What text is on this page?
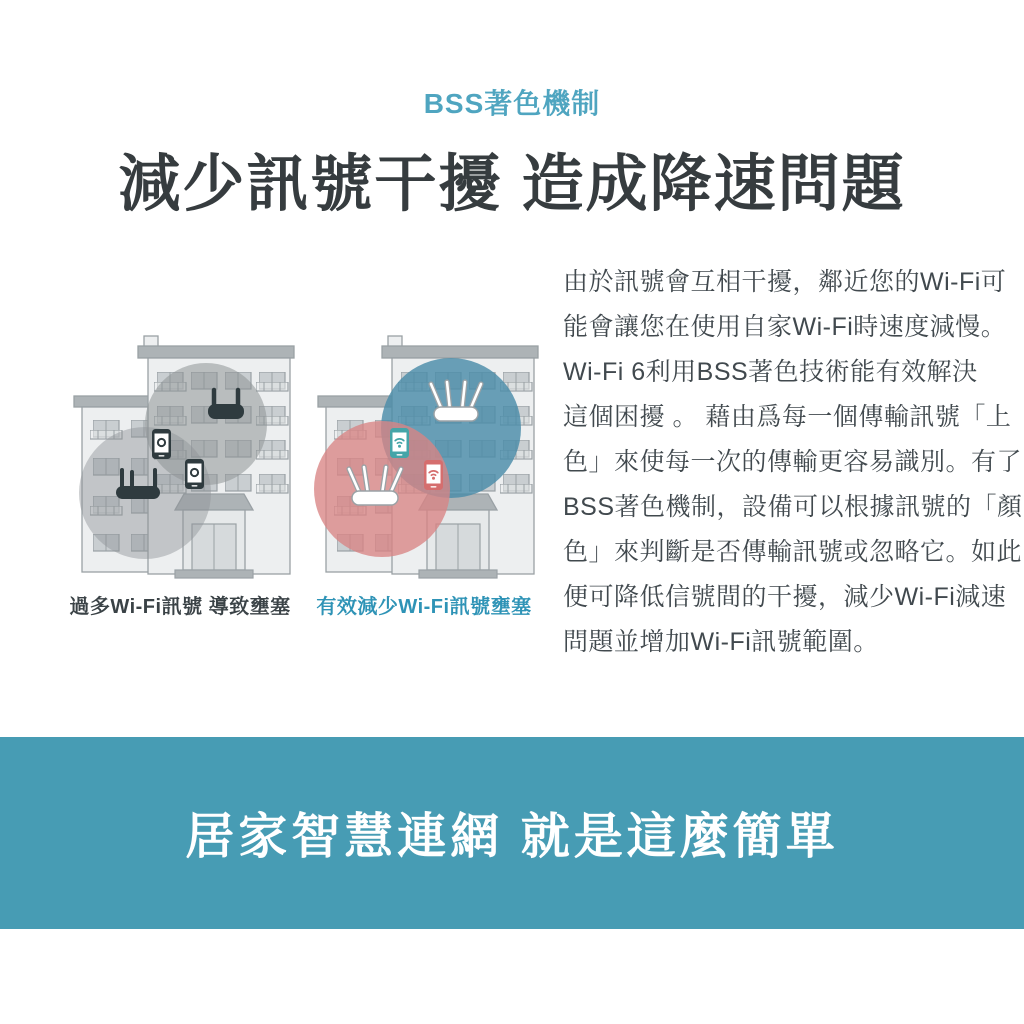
BSS著色機制
減少訊號干擾 造成降速問題
過多Wi-Fi訊號 導致壅塞	有效減少Wi-Fi訊號壅塞
由於訊號會互相干擾，鄰近您的Wi-Fi可
能會讓您在使用自家Wi-Fi時速度減慢。
Wi-Fi 6利用BSS著色技術能有效解決
這個困擾 。 藉由爲每一個傳輸訊號「上
色」來使每一次的傳輸更容易識別。有了
BSS著色機制，設備可以根據訊號的「顏
色」來判斷是否傳輸訊號或忽略它。如此
便可降低信號間的干擾，減少Wi-Fi減速
問題並增加Wi-Fi訊號範圍。
居家智慧連網 就是這麼簡單
